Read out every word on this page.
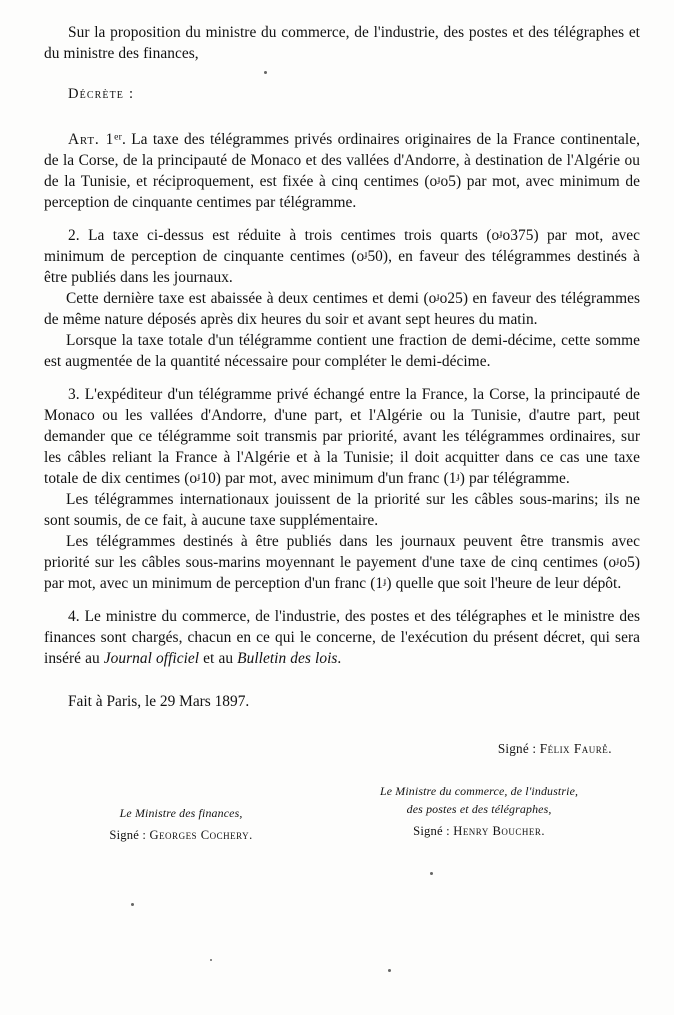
Sur la proposition du ministre du commerce, de l'industrie, des postes et des télégraphes et du ministre des finances,

Décrète :

Art. 1er. La taxe des télégrammes privés ordinaires originaires de la France continentale, de la Corse, de la principauté de Monaco et des vallées d'Andorre, à destination de l'Algérie ou de la Tunisie, et réciproquement, est fixée à cinq centimes (oᶡo5) par mot, avec minimum de perception de cinquante centimes par télégramme.

2. La taxe ci-dessus est réduite à trois centimes trois quarts (oᶡo375) par mot, avec minimum de perception de cinquante centimes (oᶡ50), en faveur des télégrammes destinés à être publiés dans les journaux.

Cette dernière taxe est abaissée à deux centimes et demi (oᶡo25) en faveur des télégrammes de même nature déposés après dix heures du soir et avant sept heures du matin.

Lorsque la taxe totale d'un télégramme contient une fraction de demi-décime, cette somme est augmentée de la quantité nécessaire pour compléter le demi-décime.

3. L'expéditeur d'un télégramme privé échangé entre la France, la Corse, la principauté de Monaco ou les vallées d'Andorre, d'une part, et l'Algérie ou la Tunisie, d'autre part, peut demander que ce télégramme soit transmis par priorité, avant les télégrammes ordinaires, sur les câbles reliant la France à l'Algérie et à la Tunisie; il doit acquitter dans ce cas une taxe totale de dix centimes (oᶡ10) par mot, avec minimum d'un franc (1ᶡ) par télégramme.

Les télégrammes internationaux jouissent de la priorité sur les câbles sous-marins; ils ne sont soumis, de ce fait, à aucune taxe supplémentaire.

Les télégrammes destinés à être publiés dans les journaux peuvent être transmis avec priorité sur les câbles sous-marins moyennant le payement d'une taxe de cinq centimes (oᶡo5) par mot, avec un minimum de perception d'un franc (1ᶡ) quelle que soit l'heure de leur dépôt.

4. Le ministre du commerce, de l'industrie, des postes et des télégraphes et le ministre des finances sont chargés, chacun en ce qui le concerne, de l'exécution du présent décret, qui sera inséré au Journal officiel et au Bulletin des lois.

Fait à Paris, le 29 Mars 1897.

Signé : Félix Faure.

Le Ministre des finances,

Signé : Georges Cochery.

Le Ministre du commerce, de l'industrie,

des postes et des télégraphes,

Signé : Henry Boucher.
